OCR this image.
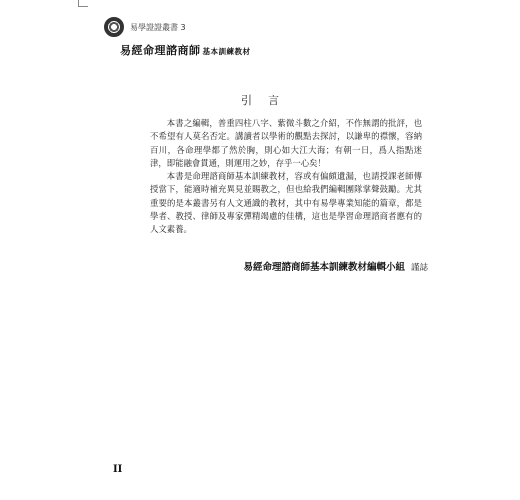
易學證證叢書 3
易經命理諮商師 基本訓練教材
引言

本書之編輯，普重四柱八字、紫微斗數之介紹，不作無謂的批評，也不希望有人莫名否定。講讀者以學術的觀點去探討，以謙卑的襟懷，容納百川，各命理學都了然於胸，則心如大江大海；有朝一日，爲人指點迷津，即能融會貫通，則運用之妙，存乎一心矣！

本書是命理諮商師基本訓練教材，容或有偏頗遺漏，也請授課老師傳授當下，能適時補充異見並賜教之，但也給我們編輯團隊掌聲鼓勵。尤其重要的是本叢書另有人文通識的教材，其中有易學專業知能的篇章，都是學者、教授、律師及專家彈精竭慮的佳構，這也是學習命理諮商者應有的人文素養。

易經命理諮商師基本訓練教材編輯小組 謹誌
II
